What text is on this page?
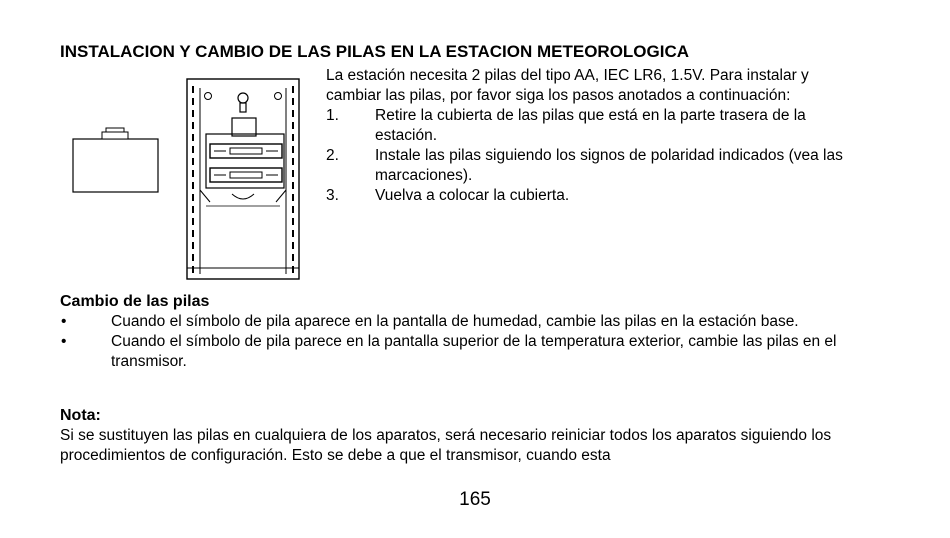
INSTALACION Y CAMBIO DE LAS PILAS EN LA ESTACION METEOROLOGICA

La estación necesita 2 pilas del tipo AA, IEC LR6, 1.5V. Para instalar y cambiar las pilas, por favor siga los pasos anotados a continuación:

1.	Retire la cubierta de las pilas que está en la parte trasera de la estación.
2.	Instale las pilas siguiendo los signos de polaridad indicados (vea las marcaciones).
3.	Vuelva a colocar la cubierta.

Cambio de las pilas

•	Cuando el símbolo de pila aparece en la pantalla de humedad, cambie las pilas en la estación base.
•	Cuando el símbolo de pila parece en la pantalla superior de la temperatura exterior, cambie las pilas en el transmisor.

Nota:

Si se sustituyen las pilas en cualquiera de los aparatos, será necesario reiniciar todos los aparatos siguiendo los procedimientos de configuración. Esto se debe a que el transmisor, cuando esta

165
